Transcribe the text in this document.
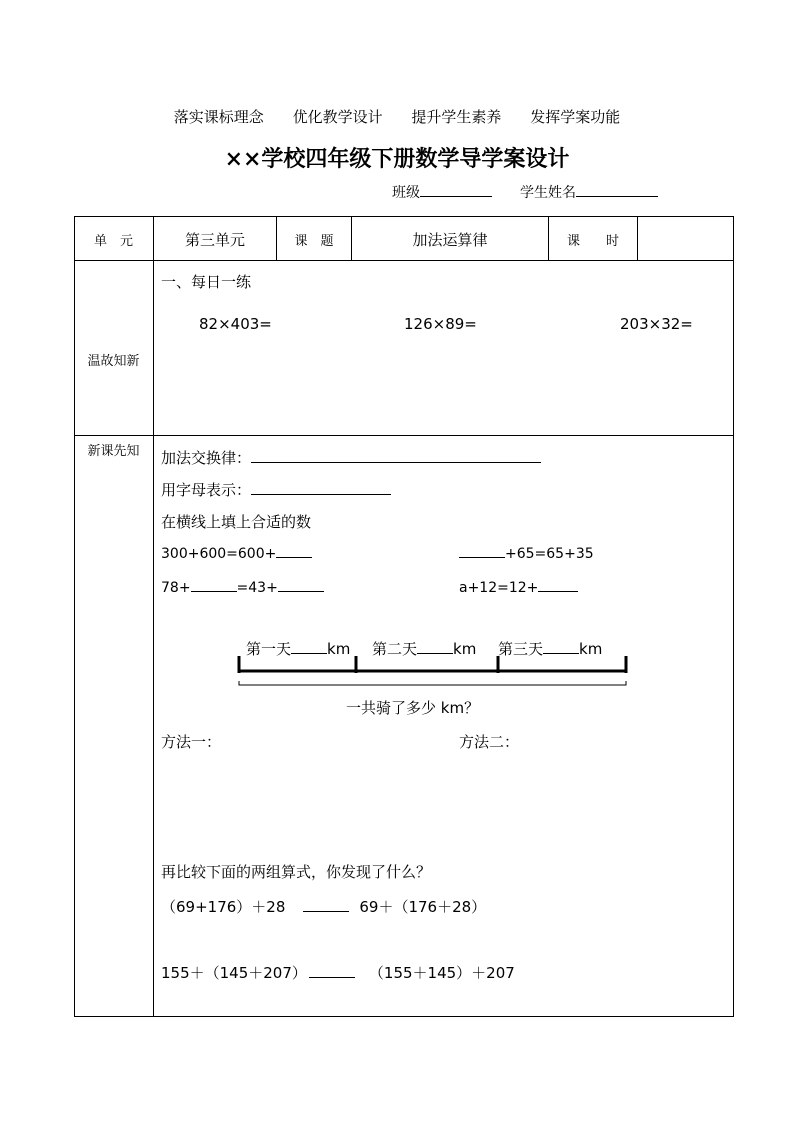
落实课标理念 优化教学设计 提升学生素养 发挥学案功能
××学校四年级下册数学导学案设计
班级	学生姓名
单　元	第三单元	课　题	加法运算律	课　　时
温故知新
一、每日一练
82×403=	126×89=	203×32=
新课先知	加法交换律：
用字母表示：
在横线上填上合适的数
300+600=600+	+65=65+35
78+	=43+	a+12=12+
第一天 km 第二天 km 第三天 km
一共骑了多少 km？
方法一：	方法二：
再比较下面的两组算式，你发现了什么？
（69+176）＋28	69＋（176＋28）
155＋（145＋207）	（155＋145）＋207
